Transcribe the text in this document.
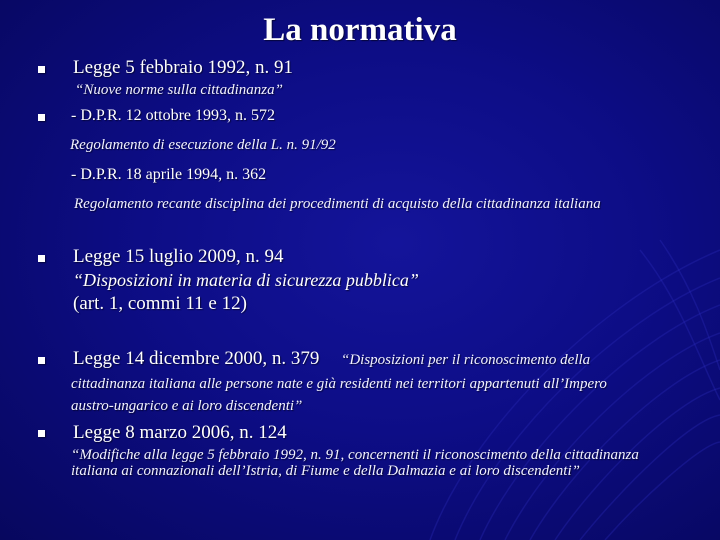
La normativa
Legge 5 febbraio 1992, n. 91
“Nuove norme sulla cittadinanza”
- D.P.R. 12 ottobre 1993, n. 572
Regolamento di esecuzione della L. n. 91/92
- D.P.R. 18 aprile 1994, n. 362
Regolamento recante disciplina dei procedimenti di acquisto della cittadinanza italiana
Legge 15 luglio 2009, n. 94
“Disposizioni in materia di sicurezza pubblica”
(art. 1, commi 11 e 12)
Legge 14 dicembre 2000, n. 379 “Disposizioni per il riconoscimento della
cittadinanza italiana alle persone nate e già residenti nei territori appartenuti all’Impero austro-ungarico e ai loro discendenti”
Legge 8 marzo 2006, n. 124
“Modifiche alla legge 5 febbraio 1992, n. 91, concernenti il riconoscimento della cittadinanza italiana ai connazionali dell’Istria, di Fiume e della Dalmazia e ai loro discendenti”
